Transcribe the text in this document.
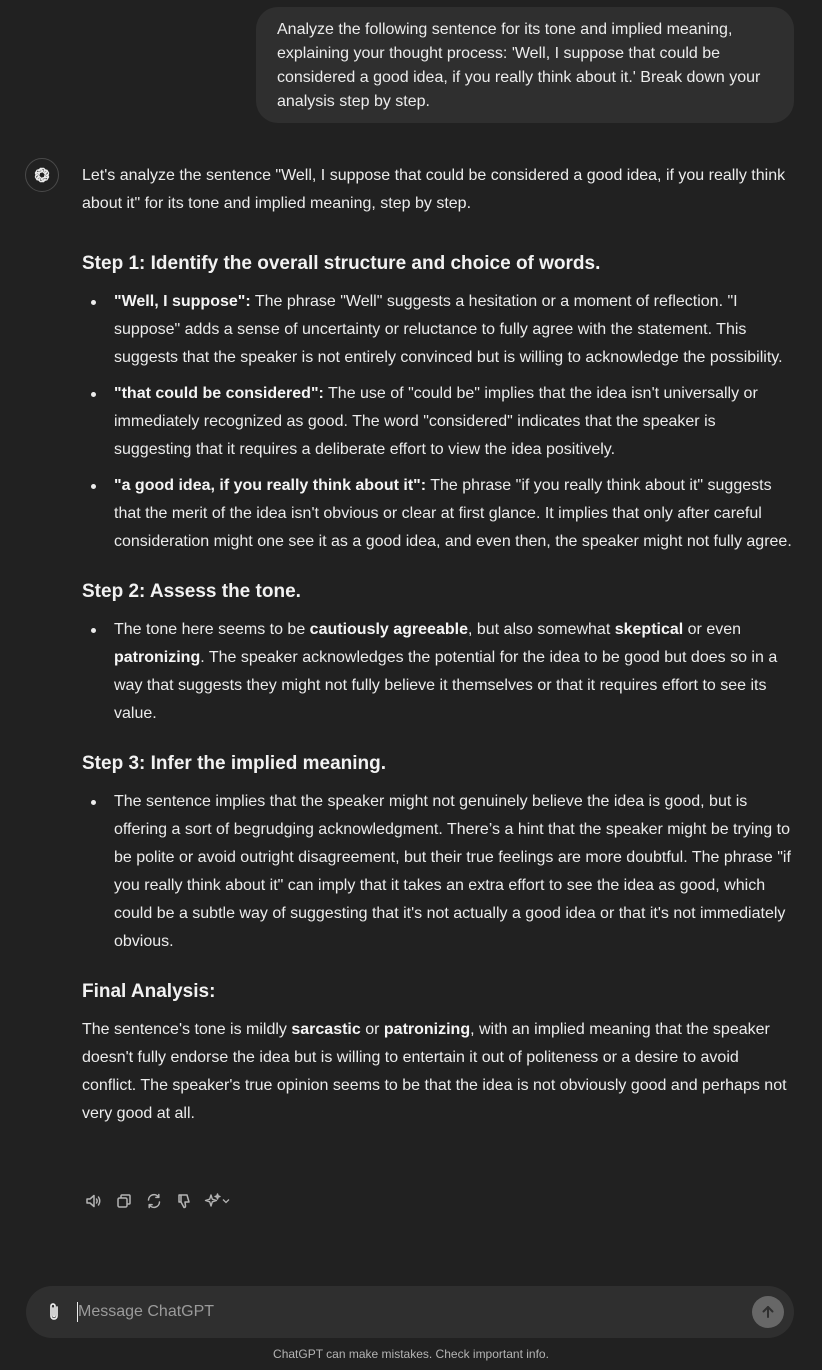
Analyze the following sentence for its tone and implied meaning, explaining your thought process: 'Well, I suppose that could be considered a good idea, if you really think about it.' Break down your analysis step by step.

Let's analyze the sentence "Well, I suppose that could be considered a good idea, if you really think about it" for its tone and implied meaning, step by step.

Step 1: Identify the overall structure and choice of words.
"Well, I suppose": The phrase "Well" suggests a hesitation or a moment of reflection. "I suppose" adds a sense of uncertainty or reluctance to fully agree with the statement. This suggests that the speaker is not entirely convinced but is willing to acknowledge the possibility.
"that could be considered": The use of "could be" implies that the idea isn't universally or immediately recognized as good. The word "considered" indicates that the speaker is suggesting that it requires a deliberate effort to view the idea positively.
"a good idea, if you really think about it": The phrase "if you really think about it" suggests that the merit of the idea isn't obvious or clear at first glance. It implies that only after careful consideration might one see it as a good idea, and even then, the speaker might not fully agree.
Step 2: Assess the tone.
The tone here seems to be cautiously agreeable, but also somewhat skeptical or even patronizing. The speaker acknowledges the potential for the idea to be good but does so in a way that suggests they might not fully believe it themselves or that it requires effort to see its value.
Step 3: Infer the implied meaning.
The sentence implies that the speaker might not genuinely believe the idea is good, but is offering a sort of begrudging acknowledgment. There’s a hint that the speaker might be trying to be polite or avoid outright disagreement, but their true feelings are more doubtful. The phrase "if you really think about it" can imply that it takes an extra effort to see the idea as good, which could be a subtle way of suggesting that it's not actually a good idea or that it's not immediately obvious.
Final Analysis:

The sentence's tone is mildly sarcastic or patronizing, with an implied meaning that the speaker doesn't fully endorse the idea but is willing to entertain it out of politeness or a desire to avoid conflict. The speaker's true opinion seems to be that the idea is not obviously good and perhaps not very good at all.

Message ChatGPT
ChatGPT can make mistakes. Check important info.
